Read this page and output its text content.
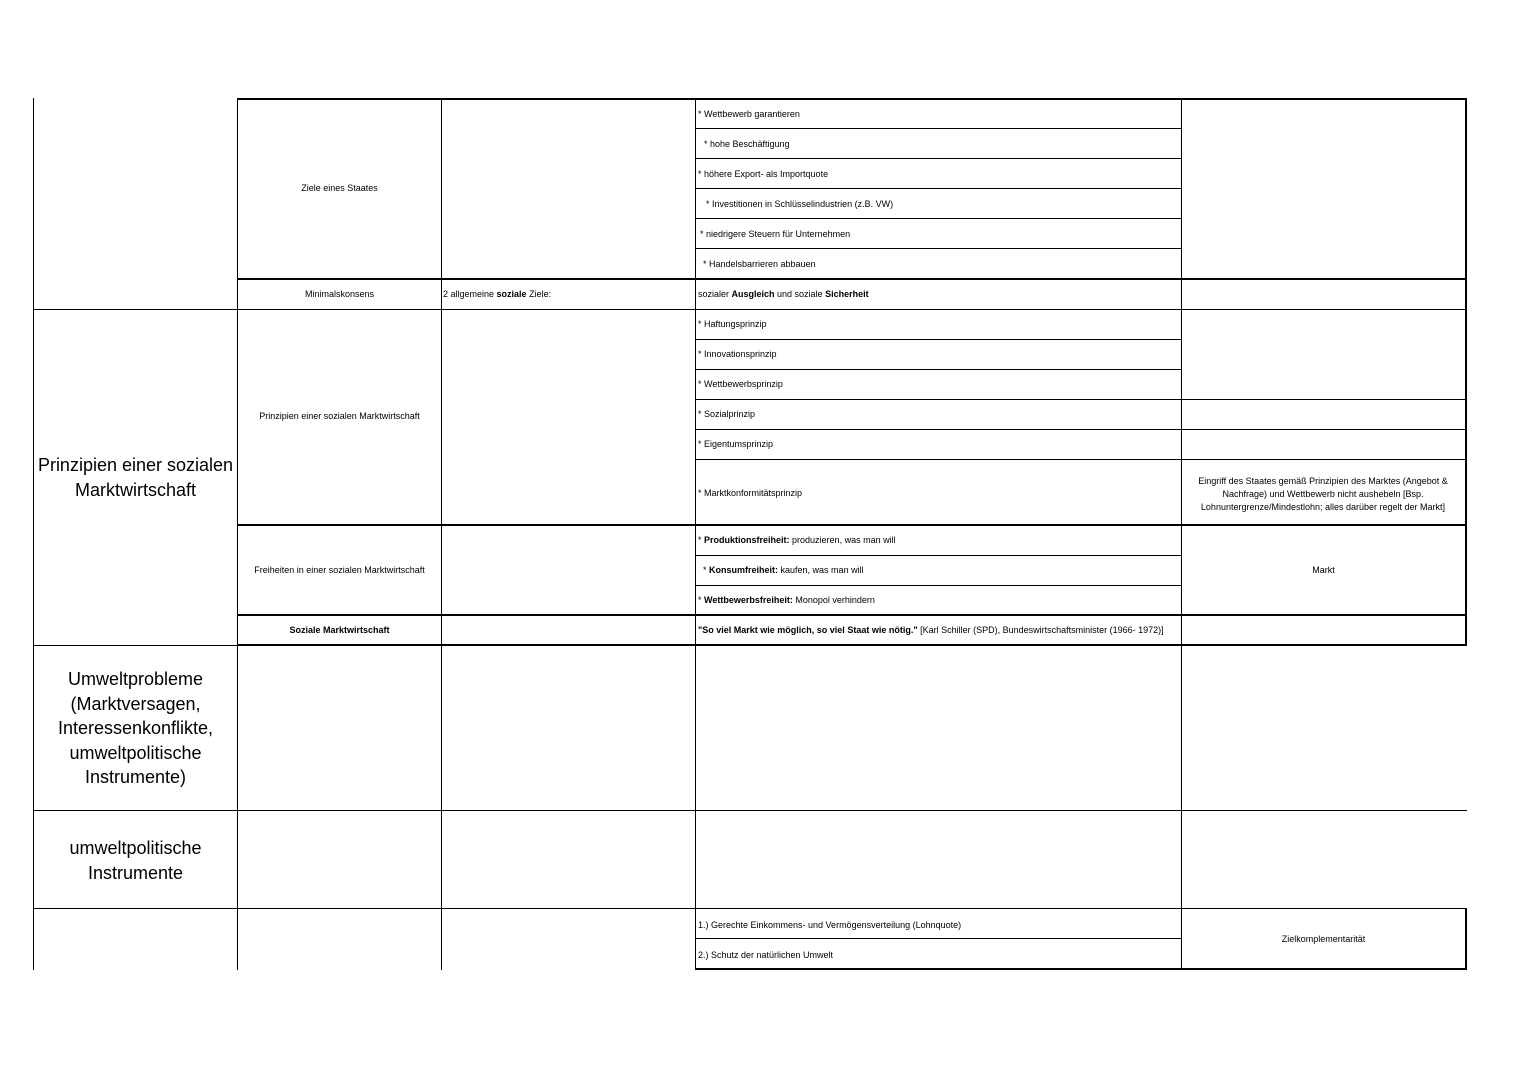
Prinzipien einer sozialen Marktwirtschaft
Umweltprobleme (Marktversagen, Interessenkonflikte, umweltpolitische Instrumente)
umweltpolitische Instrumente
Ziele eines Staates
Minimalskonsens
Prinzipien einer sozialen Marktwirtschaft
Freiheiten in einer sozialen Marktwirtschaft
Soziale Marktwirtschaft
2 allgemeine soziale Ziele:
* Wettbewerb garantieren
* hohe Beschäftigung
* höhere Export- als Importquote
* Investitionen in Schlüsselindustrien (z.B. VW)
* niedrigere Steuern für Unternehmen
* Handelsbarrieren abbauen
sozialer Ausgleich und soziale Sicherheit
* Haftungsprinzip
* Innovationsprinzip
* Wettbewerbsprinzip
* Sozialprinzip
* Eigentumsprinzip
* Marktkonformitätsprinzip
* Produktionsfreiheit: produzieren, was man will
* Konsumfreiheit: kaufen, was man will
* Wettbewerbsfreiheit: Monopol verhindern
"So viel Markt wie möglich, so viel Staat wie nötig." [Karl Schiller (SPD), Bundeswirtschaftsminister (1966- 1972)]
1.) Gerechte Einkommens- und Vermögensverteilung (Lohnquote)
2.) Schutz der natürlichen Umwelt
Eingriff des Staates gemäß Prinzipien des Marktes (Angebot & Nachfrage) und Wettbewerb nicht aushebeln [Bsp. Lohnuntergrenze/Mindestlohn; alles darüber regelt der Markt]
Markt
Zielkomplementarität
